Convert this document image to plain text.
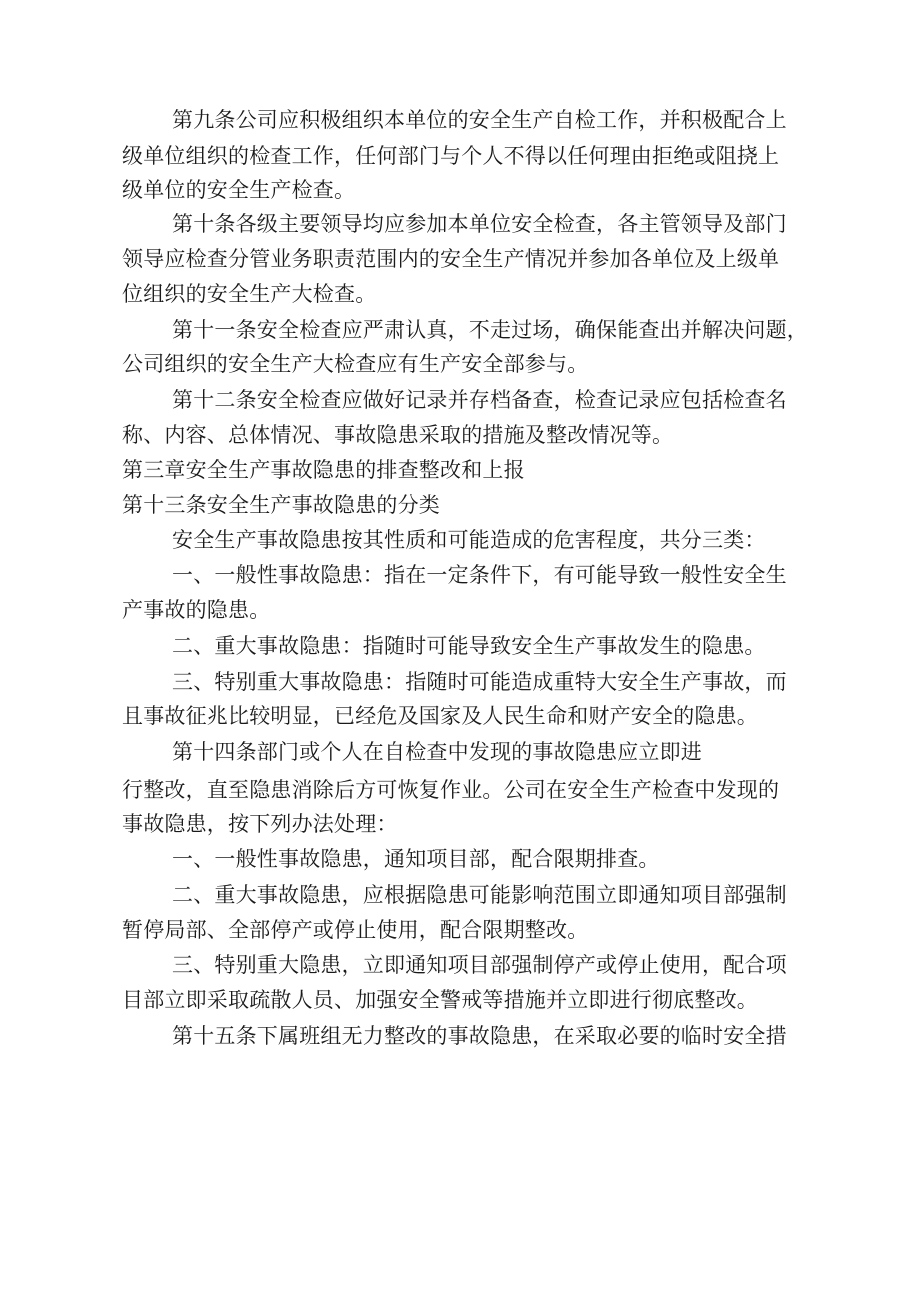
第九条公司应积极组织本单位的安全生产自检工作，并积极配合上
级单位组织的检查工作，任何部门与个人不得以任何理由拒绝或阻挠上
级单位的安全生产检查。
第十条各级主要领导均应参加本单位安全检查，各主管领导及部门
领导应检查分管业务职责范围内的安全生产情况并参加各单位及上级单
位组织的安全生产大检查。
第十一条安全检查应严肃认真，不走过场，确保能查出并解决问题，
公司组织的安全生产大检查应有生产安全部参与。
第十二条安全检查应做好记录并存档备查，检查记录应包括检查名
称、内容、总体情况、事故隐患采取的措施及整改情况等。
第三章安全生产事故隐患的排查整改和上报
第十三条安全生产事故隐患的分类
安全生产事故隐患按其性质和可能造成的危害程度，共分三类：
一、一般性事故隐患：指在一定条件下，有可能导致一般性安全生
产事故的隐患。
二、重大事故隐患：指随时可能导致安全生产事故发生的隐患。
三、特别重大事故隐患：指随时可能造成重特大安全生产事故，而
且事故征兆比较明显，已经危及国家及人民生命和财产安全的隐患。
第十四条部门或个人在自检查中发现的事故隐患应立即进
行整改，直至隐患消除后方可恢复作业。公司在安全生产检查中发现的
事故隐患，按下列办法处理：
一、一般性事故隐患，通知项目部，配合限期排查。
二、重大事故隐患，应根据隐患可能影响范围立即通知项目部强制
暂停局部、全部停产或停止使用，配合限期整改。
三、特别重大隐患，立即通知项目部强制停产或停止使用，配合项
目部立即采取疏散人员、加强安全警戒等措施并立即进行彻底整改。
第十五条下属班组无力整改的事故隐患，在采取必要的临时安全措
